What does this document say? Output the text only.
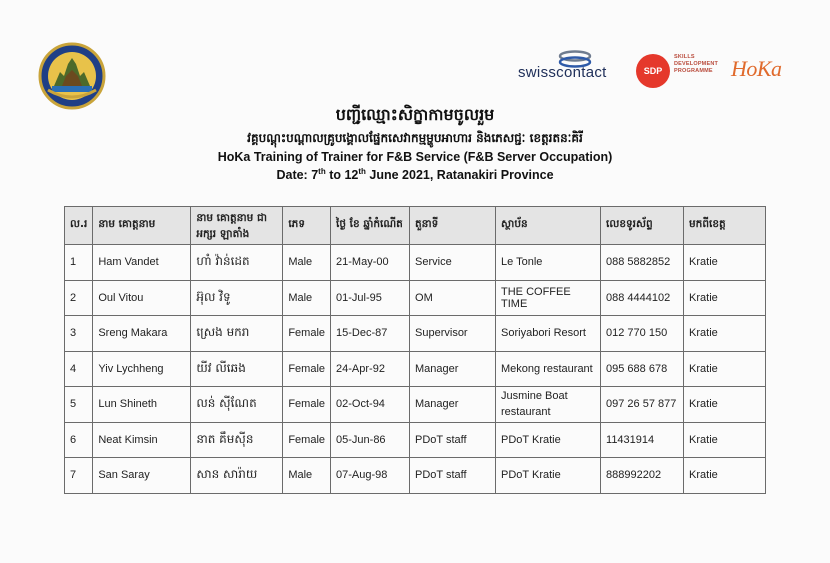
swisscontact	SDP
SKILLS
DEVELOPMENT
PROGRAMME HoKa
បញ្ជីឈ្មោះសិក្ខាកាមចូលរួម
វគ្គបណ្តុះបណ្តាលគ្រូបង្គោលផ្នែកសេវាកម្មម្ហូបអាហារ និងភេសជ្ជៈ ខេត្តរតនៈគិរី
HoKa Training of Trainer for F&B Service (F&B Server Occupation)
Date: 7th to 12th June 2021, Ratanakiri Province
ល.រ	នាម គោត្តនាម	នាម គោត្តនាម ជាអក្សរ ឡាតាំង	ភេទ	ថ្ងៃ ខែ ឆ្នាំកំណើត	តួនាទី	ស្ថាប័ន	លេខទូរស័ព្ទ	មកពីខេត្ត
1	Ham Vandet	ហាំ វ៉ាន់ដេត	Male	21-May-00	Service	Le Tonle	088 5882852	Kratie
2	Oul Vitou	អ៊ុល វិទូ	Male	01-Jul-95	OM	THE COFFEE TIME	088 4444102	Kratie
3	Sreng Makara	ស្រេង មករា	Female	15-Dec-87	Supervisor	Soriyabori Resort	012 770 150	Kratie
4	Yiv Lychheng	យីវ លីឆេង	Female	24-Apr-92	Manager	Mekong restaurant	095 688 678	Kratie
5	Lun Shineth	លន់ ស៊ីណែត	Female	02-Oct-94	Manager	Jusmine Boat restaurant	097 26 57 877	Kratie
6	Neat Kimsin	នាត គឹមស៊ីន	Female	05-Jun-86	PDoT staff	PDoT Kratie	11431914	Kratie
7	San Saray	សាន សារ៉ាយ	Male	07-Aug-98	PDoT staff	PDoT Kratie	888992202	Kratie
